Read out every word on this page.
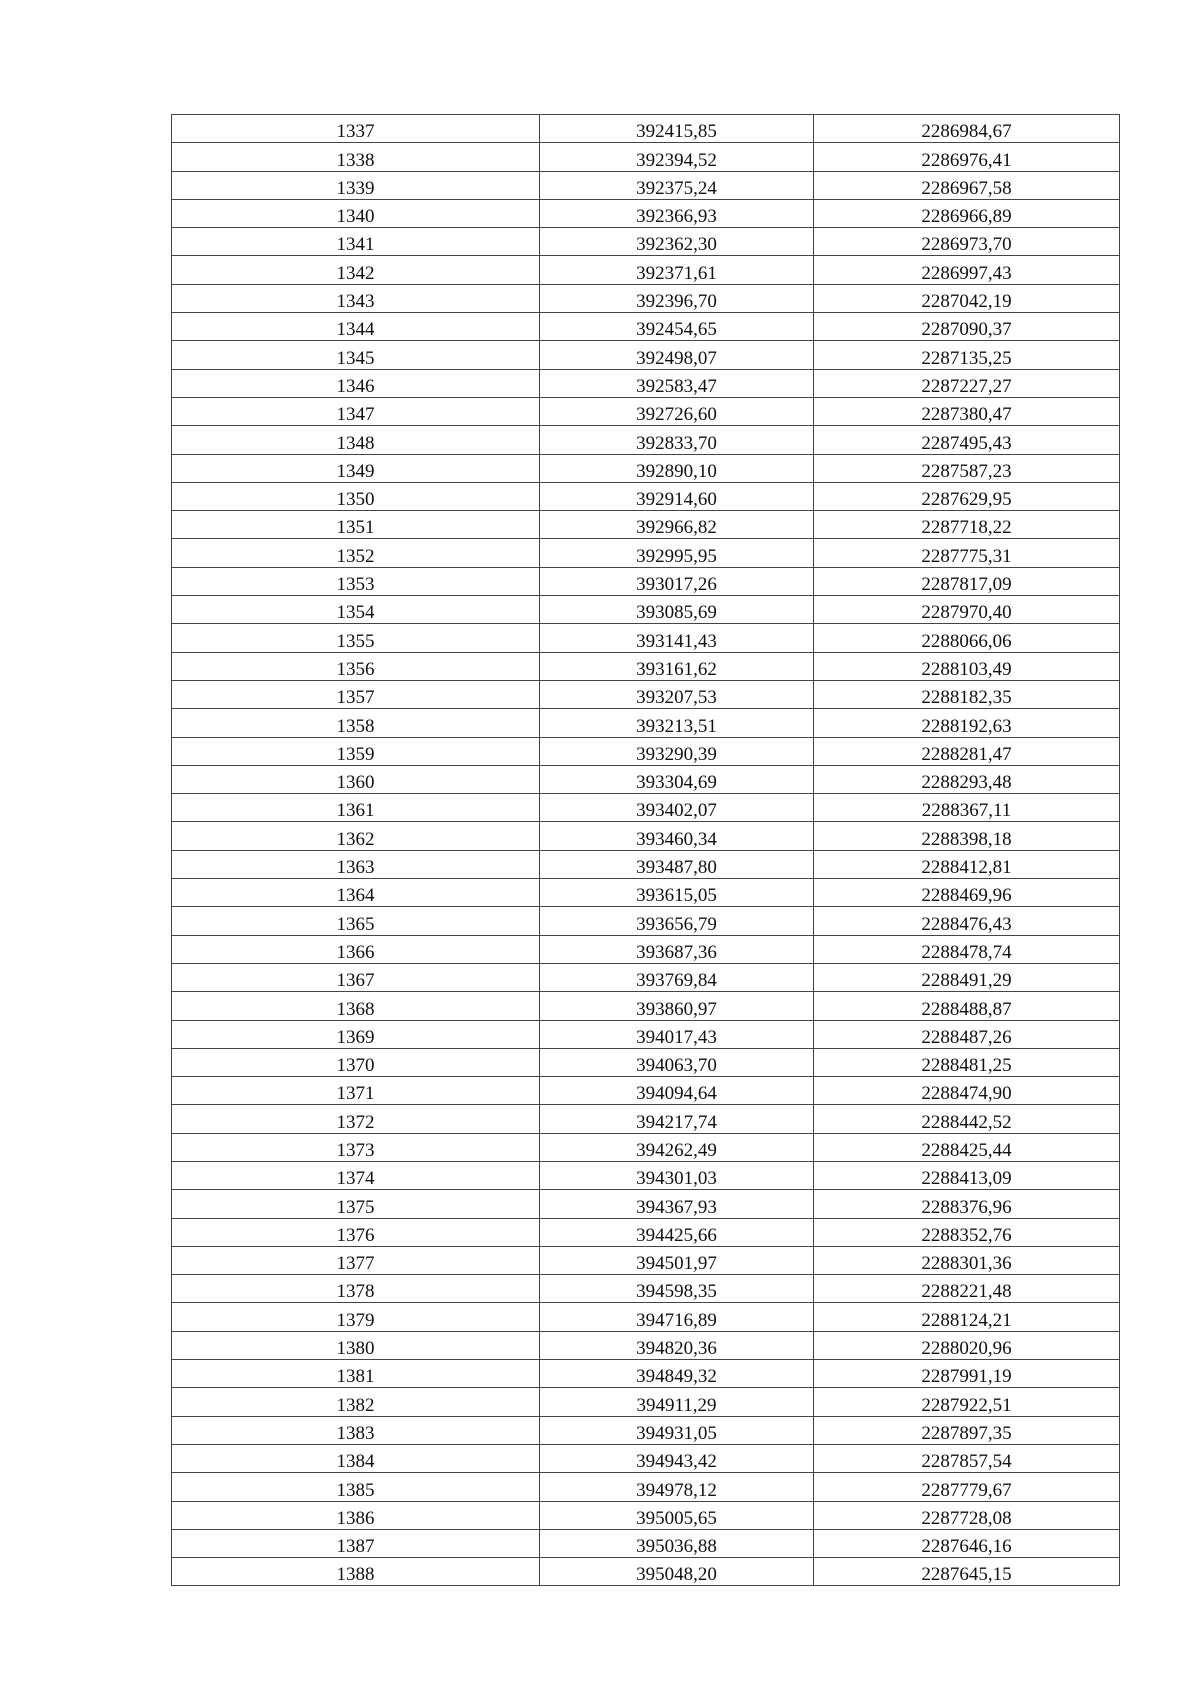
1337	392415,85	2286984,67
1338	392394,52	2286976,41
1339	392375,24	2286967,58
1340	392366,93	2286966,89
1341	392362,30	2286973,70
1342	392371,61	2286997,43
1343	392396,70	2287042,19
1344	392454,65	2287090,37
1345	392498,07	2287135,25
1346	392583,47	2287227,27
1347	392726,60	2287380,47
1348	392833,70	2287495,43
1349	392890,10	2287587,23
1350	392914,60	2287629,95
1351	392966,82	2287718,22
1352	392995,95	2287775,31
1353	393017,26	2287817,09
1354	393085,69	2287970,40
1355	393141,43	2288066,06
1356	393161,62	2288103,49
1357	393207,53	2288182,35
1358	393213,51	2288192,63
1359	393290,39	2288281,47
1360	393304,69	2288293,48
1361	393402,07	2288367,11
1362	393460,34	2288398,18
1363	393487,80	2288412,81
1364	393615,05	2288469,96
1365	393656,79	2288476,43
1366	393687,36	2288478,74
1367	393769,84	2288491,29
1368	393860,97	2288488,87
1369	394017,43	2288487,26
1370	394063,70	2288481,25
1371	394094,64	2288474,90
1372	394217,74	2288442,52
1373	394262,49	2288425,44
1374	394301,03	2288413,09
1375	394367,93	2288376,96
1376	394425,66	2288352,76
1377	394501,97	2288301,36
1378	394598,35	2288221,48
1379	394716,89	2288124,21
1380	394820,36	2288020,96
1381	394849,32	2287991,19
1382	394911,29	2287922,51
1383	394931,05	2287897,35
1384	394943,42	2287857,54
1385	394978,12	2287779,67
1386	395005,65	2287728,08
1387	395036,88	2287646,16
1388	395048,20	2287645,15
